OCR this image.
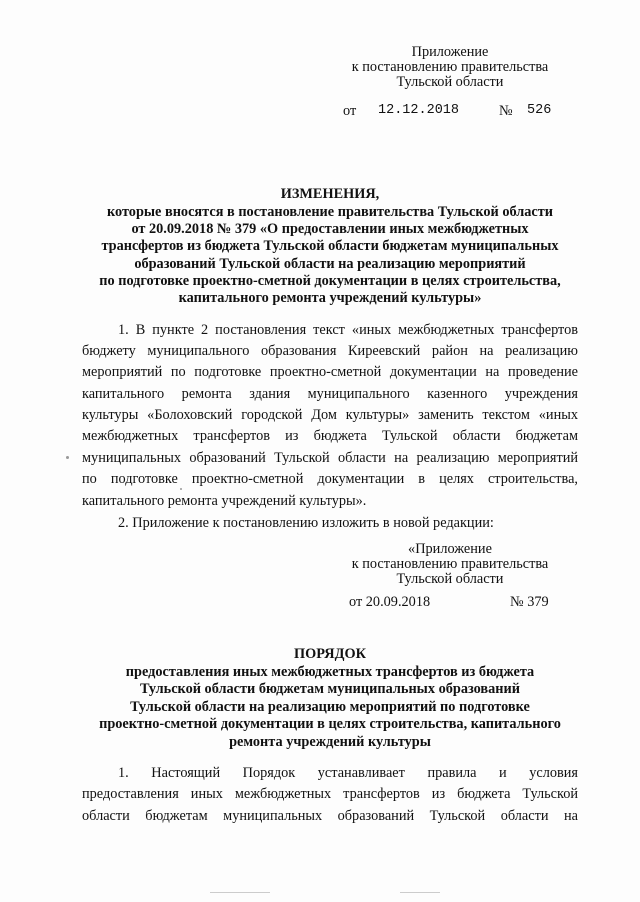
Приложение
к постановлению правительства
Тульской области
от 12.12.2018	№ 526
ИЗМЕНЕНИЯ,
которые вносятся в постановление правительства Тульской области
от 20.09.2018 № 379 «О предоставлении иных межбюджетных
трансфертов из бюджета Тульской области бюджетам муниципальных
образований Тульской области на реализацию мероприятий
по подготовке проектно-сметной документации в целях строительства,
капитального ремонта учреждений культуры»
1. В пункте 2 постановления текст «иных межбюджетных трансфертов
бюджету муниципального образования Киреевский район на реализацию
мероприятий по подготовке проектно-сметной документации на проведение
капитального ремонта здания муниципального казенного учреждения
культуры «Болоховский городской Дом культуры» заменить текстом «иных
межбюджетных трансфертов из бюджета Тульской области бюджетам
муниципальных образований Тульской области на реализацию мероприятий
по подготовке проектно-сметной документации в целях строительства,
капитального ремонта учреждений культуры».
2. Приложение к постановлению изложить в новой редакции:
«Приложение
к постановлению правительства
Тульской области
от 20.09.2018	№ 379
ПОРЯДОК
предоставления иных межбюджетных трансфертов из бюджета
Тульской области бюджетам муниципальных образований
Тульской области на реализацию мероприятий по подготовке
проектно-сметной документации в целях строительства, капитального
ремонта учреждений культуры
1. Настоящий Порядок устанавливает правила и условия
предоставления иных межбюджетных трансфертов из бюджета Тульской
области бюджетам муниципальных образований Тульской области на
